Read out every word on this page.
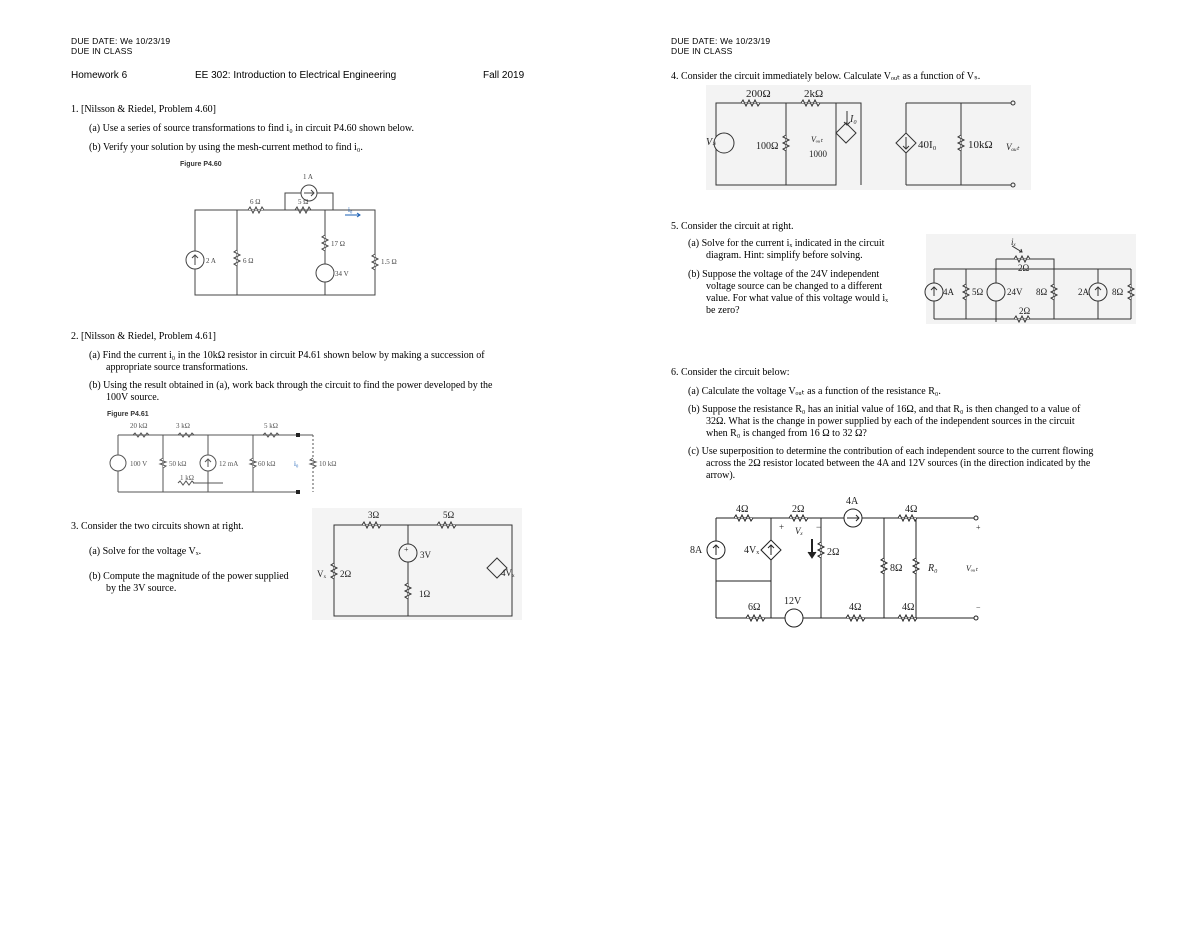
DUE DATE: We 10/23/19
DUE IN CLASS
Homework 6	EE 302: Introduction to Electrical Engineering	Fall 2019
1. [Nilsson & Riedel, Problem 4.60]
(a) Use a series of source transformations to find i₀ in circuit P4.60 shown below.
(b) Verify your solution by using the mesh-current method to find i₀.
Figure P4.60
1 A
6 Ω	5 Ω
i₀
2 A	6 Ω
17 Ω
34 V
1.5 Ω
2. [Nilsson & Riedel, Problem 4.61]
(a) Find the current i₀ in the 10kΩ resistor in circuit P4.61 shown below by making a succession of
appropriate source transformations.
(b) Using the result obtained in (a), work back through the circuit to find the power developed by the
100V source.
Figure P4.61
20 kΩ	3 kΩ	5 kΩ
100 V	50 kΩ	12 mA	60 kΩ	i₀	10 kΩ
1 kΩ
3. Consider the two circuits shown at right.
(a) Solve for the voltage Vₓ.
(b) Compute the magnitude of the power supplied
by the 3V source.
3Ω	5Ω
+
3V
4Vₓ
Vₓ 2Ω
1Ω
DUE DATE: We 10/23/19
DUE IN CLASS
4. Consider the circuit immediately below. Calculate Vₒᵤₜ as a function of Vₛ.
200Ω	2kΩ
I₀
Vₛ	100Ω
Vₒᵤₜ
1000
40I₀	10kΩ Vₒᵤₜ
5. Consider the circuit at right.
(a) Solve for the current iₓ indicated in the circuit
diagram. Hint: simplify before solving.
(b) Suppose the voltage of the 24V independent
voltage source can be changed to a different
value. For what value of this voltage would iₓ
be zero?
iₓ
2Ω
4A 5Ω	24V 8Ω	2A	8Ω
2Ω
6. Consider the circuit below:
(a) Calculate the voltage Vₒᵤₜ as a function of the resistance R₀.
(b) Suppose the resistance R₀ has an initial value of 16Ω, and that R₀ is then changed to a value of
32Ω. What is the change in power supplied by each of the independent sources in the circuit
when R₀ is changed from 16 Ω to 32 Ω?
(c) Use superposition to determine the contribution of each independent source to the current flowing
across the 2Ω resistor located between the 4A and 12V sources (in the direction indicated by the
arrow).
4Ω	2Ω
4A
4Ω
8A	4Vₓ
+ Vₓ −
2Ω
8Ω	R₀	Vₒᵤₜ
+
−
6Ω
12V
4Ω	4Ω
